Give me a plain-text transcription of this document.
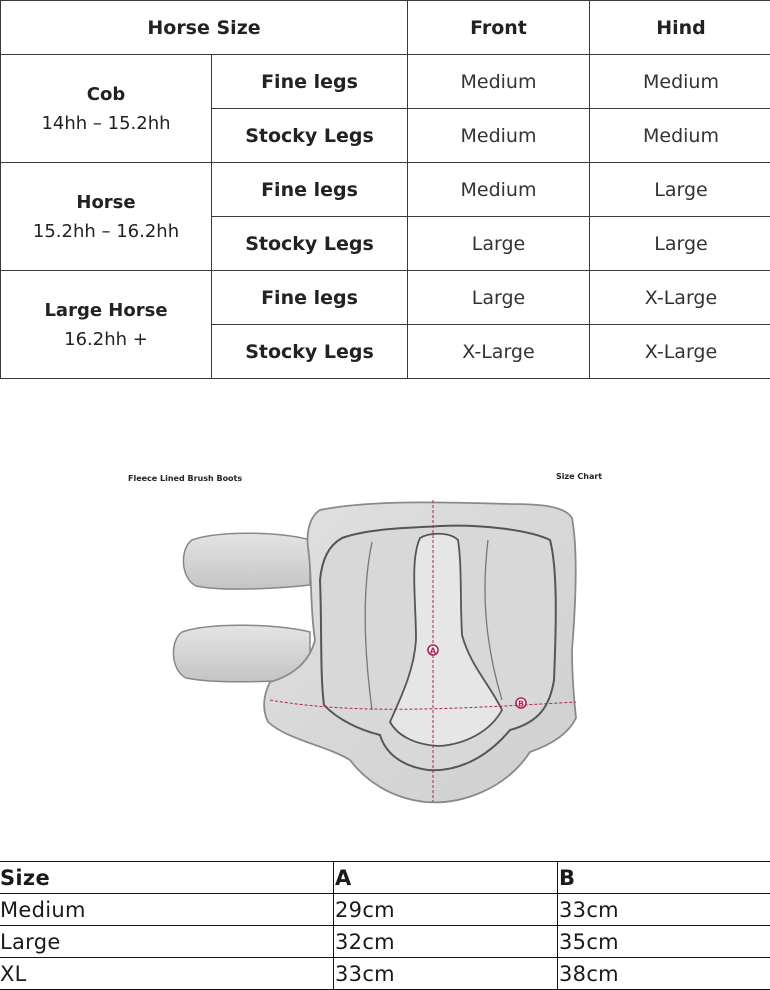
Horse Size		Front	Hind

Cob
14hh – 15.2hh	Fine legs	Medium	Medium
	Stocky Legs	Medium	Medium

Horse
15.2hh – 16.2hh	Fine legs	Medium	Large
	Stocky Legs	Large	Large

Large Horse
16.2hh +	Fine legs	Large	X-Large
	Stocky Legs	X-Large	X-Large
Fleece Lined Brush Boots	Size Chart
A
B
Size	A	B
Medium	29cm	33cm
Large	32cm	35cm
XL	33cm	38cm
